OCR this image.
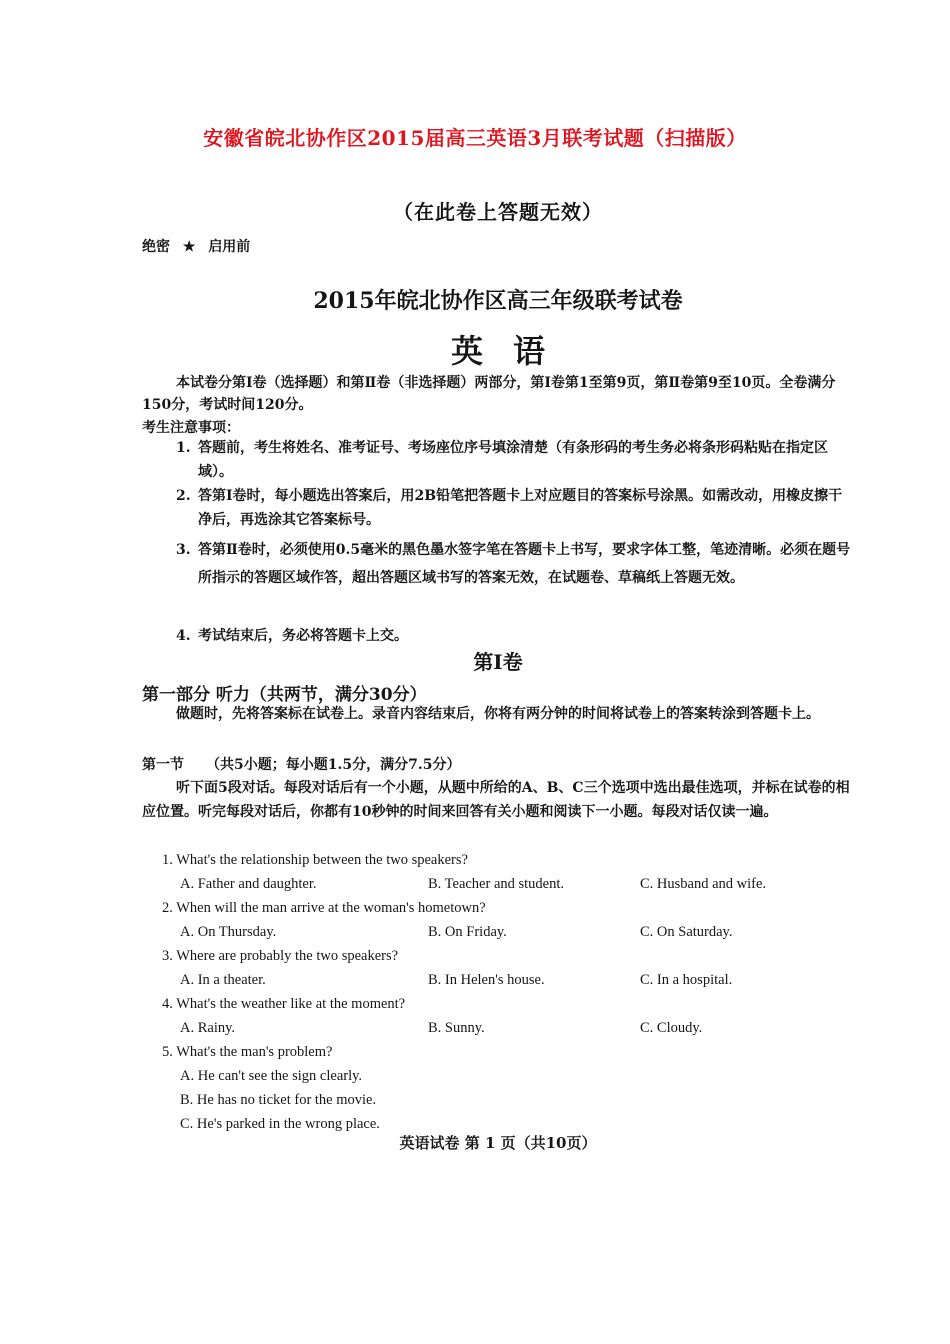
安徽省皖北协作区2015届高三英语3月联考试题（扫描版）
（在此卷上答题无效）
绝密 ★ 启用前
2015年皖北协作区高三年级联考试卷
英语
本试卷分第Ⅰ卷（选择题）和第Ⅱ卷（非选择题）两部分，第Ⅰ卷第1至第9页，第Ⅱ卷第9至10页。全卷满分150分，考试时间120分。
考生注意事项：
1. 答题前，考生将姓名、准考证号、考场座位序号填涂清楚（有条形码的考生务必将条形码粘贴在指定区域）。
2. 答第Ⅰ卷时，每小题选出答案后，用2B铅笔把答题卡上对应题目的答案标号涂黑。如需改动，用橡皮擦干净后，再选涂其它答案标号。
3. 答第Ⅱ卷时，必须使用0.5毫米的黑色墨水签字笔在答题卡上书写，要求字体工整，笔迹清晰。必须在题号所指示的答题区域作答，超出答题区域书写的答案无效，在试题卷、草稿纸上答题无效。
4. 考试结束后，务必将答题卡上交。
第Ⅰ卷
第一部分 听力（共两节，满分30分）
做题时，先将答案标在试卷上。录音内容结束后，你将有两分钟的时间将试卷上的答案转涂到答题卡上。
第一节 （共5小题；每小题1.5分，满分7.5分）
听下面5段对话。每段对话后有一个小题，从题中所给的A、B、C三个选项中选出最佳选项，并标在试卷的相应位置。听完每段对话后，你都有10秒钟的时间来回答有关小题和阅读下一小题。每段对话仅读一遍。
1. What's the relationship between the two speakers?
A. Father and daughter.	B. Teacher and student.	C. Husband and wife.
2. When will the man arrive at the woman's hometown?
A. On Thursday.	B. On Friday.	C. On Saturday.
3. Where are probably the two speakers?
A. In a theater.	B. In Helen's house.	C. In a hospital.
4. What's the weather like at the moment?
A. Rainy.	B. Sunny.	C. Cloudy.
5. What's the man's problem?
A. He can't see the sign clearly.
B. He has no ticket for the movie.
C. He's parked in the wrong place.
英语试卷 第 1 页（共10页）
